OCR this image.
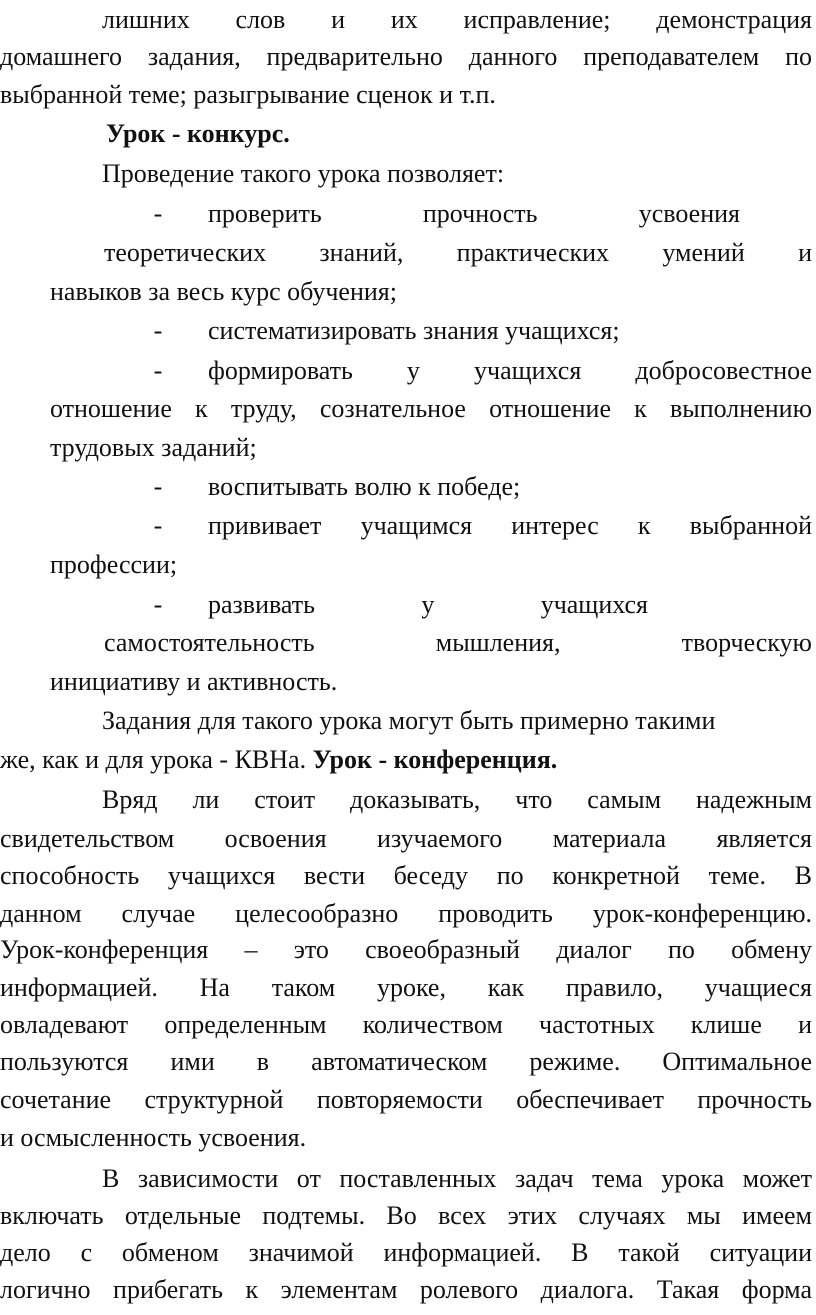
лишних слов и их исправление; демонстрация
домашнего задания, предварительно данного преподавателем по
выбранной теме; разыгрывание сценок и т.п.
Урок - конкурс.
Проведение такого урока позволяет:
- проверить прочность усвоения
теоретических знаний, практических умений и
навыков за весь курс обучения;
- систематизировать знания учащихся;
- формировать у учащихся добросовестное
отношение к труду, сознательное отношение к выполнению
трудовых заданий;
- воспитывать волю к победе;
- прививает учащимся интерес к выбранной
профессии;
- развивать у учащихся
самостоятельность мышления, творческую
инициативу и активность.
Задания для такого урока могут быть примерно такими
же, как и для урока - КВНа. Урок - конференция.
Вряд ли стоит доказывать, что самым надежным
свидетельством освоения изучаемого материала является
способность учащихся вести беседу по конкретной теме. В
данном случае целесообразно проводить урок-конференцию.
Урок-конференция – это своеобразный диалог по обмену
информацией. На таком уроке, как правило, учащиеся
овладевают определенным количеством частотных клише и
пользуются ими в автоматическом режиме. Оптимальное
сочетание структурной повторяемости обеспечивает прочность
и осмысленность усвоения.
В зависимости от поставленных задач тема урока может
включать отдельные подтемы. Во всех этих случаях мы имеем
дело с обменом значимой информацией. В такой ситуации
логично прибегать к элементам ролевого диалога. Такая форма
